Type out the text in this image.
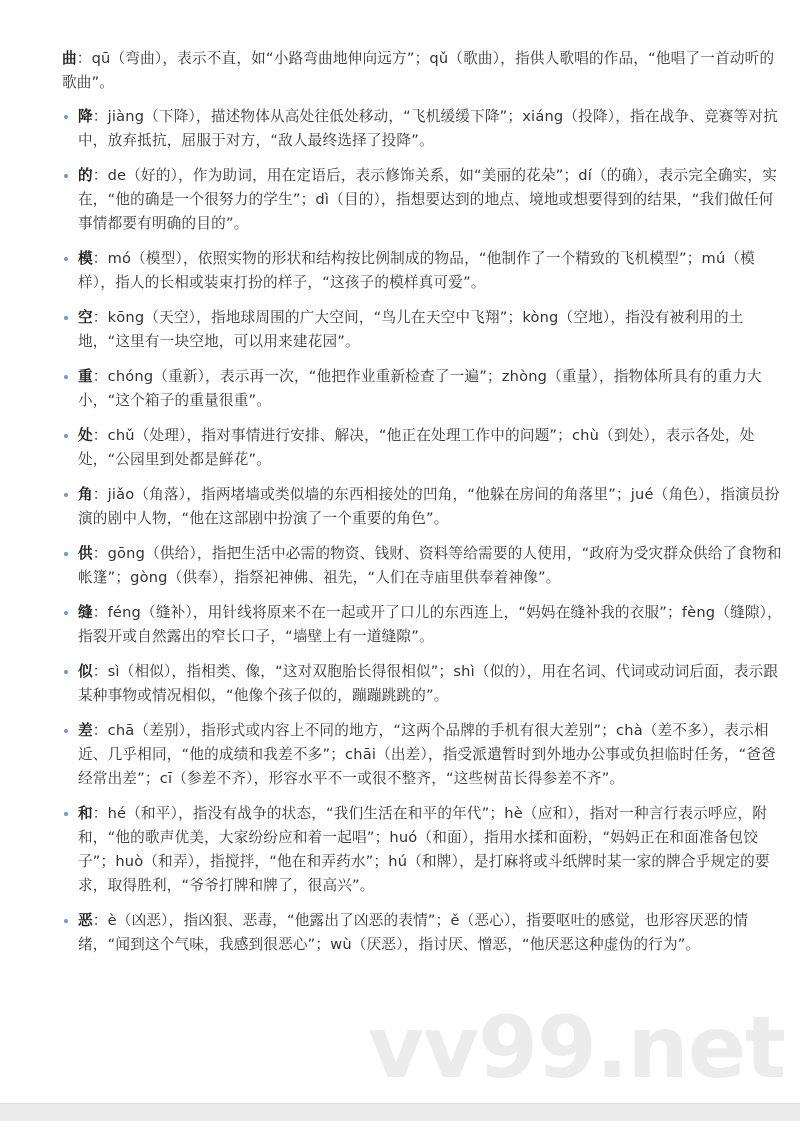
曲：qū（弯曲），表示不直，如“小路弯曲地伸向远方”；qǔ（歌曲），指供人歌唱的作品，“他唱了一首动听的歌曲”。
降：jiàng（下降），描述物体从高处往低处移动，“飞机缓缓下降”；xiáng（投降），指在战争、竞赛等对抗中，放弃抵抗，屈服于对方，“敌人最终选择了投降”。
的：de（好的），作为助词，用在定语后，表示修饰关系，如“美丽的花朵”；dí（的确），表示完全确实，实在，“他的确是一个很努力的学生”；dì（目的），指想要达到的地点、境地或想要得到的结果，“我们做任何事情都要有明确的目的”。
模：mó（模型），依照实物的形状和结构按比例制成的物品，“他制作了一个精致的飞机模型”；mú（模样），指人的长相或装束打扮的样子，“这孩子的模样真可爱”。
空：kōng（天空），指地球周围的广大空间，“鸟儿在天空中飞翔”；kòng（空地），指没有被利用的土地，“这里有一块空地，可以用来建花园”。
重：chóng（重新），表示再一次，“他把作业重新检查了一遍”；zhòng（重量），指物体所具有的重力大小，“这个箱子的重量很重”。
处：chǔ（处理），指对事情进行安排、解决，“他正在处理工作中的问题”；chù（到处），表示各处，处处，“公园里到处都是鲜花”。
角：jiǎo（角落），指两堵墙或类似墙的东西相接处的凹角，“他躲在房间的角落里”；jué（角色），指演员扮演的剧中人物，“他在这部剧中扮演了一个重要的角色”。
供：gōng（供给），指把生活中必需的物资、钱财、资料等给需要的人使用，“政府为受灾群众供给了食物和帐篷”；gòng（供奉），指祭祀神佛、祖先，“人们在寺庙里供奉着神像”。
缝：féng（缝补），用针线将原来不在一起或开了口儿的东西连上，“妈妈在缝补我的衣服”；fèng（缝隙），指裂开或自然露出的窄长口子，“墙壁上有一道缝隙”。
似：sì（相似），指相类、像，“这对双胞胎长得很相似”；shì（似的），用在名词、代词或动词后面，表示跟某种事物或情况相似，“他像个孩子似的，蹦蹦跳跳的”。
差：chā（差别），指形式或内容上不同的地方，“这两个品牌的手机有很大差别”；chà（差不多），表示相近、几乎相同，“他的成绩和我差不多”；chāi（出差），指受派遣暂时到外地办公事或负担临时任务，“爸爸经常出差”；cī（参差不齐），形容水平不一或很不整齐，“这些树苗长得参差不齐”。
和：hé（和平），指没有战争的状态，“我们生活在和平的年代”；hè（应和），指对一种言行表示呼应，附和，“他的歌声优美，大家纷纷应和着一起唱”；huó（和面），指用水揉和面粉，“妈妈正在和面准备包饺子”；huò（和弄），指搅拌，“他在和弄药水”；hú（和牌），是打麻将或斗纸牌时某一家的牌合乎规定的要求，取得胜利，“爷爷打牌和牌了，很高兴”。
恶：è（凶恶），指凶狠、恶毒，“他露出了凶恶的表情”；ě（恶心），指要呕吐的感觉，也形容厌恶的情绪，“闻到这个气味，我感到很恶心”；wù（厌恶），指讨厌、憎恶，“他厌恶这种虚伪的行为”。
vv99.net
